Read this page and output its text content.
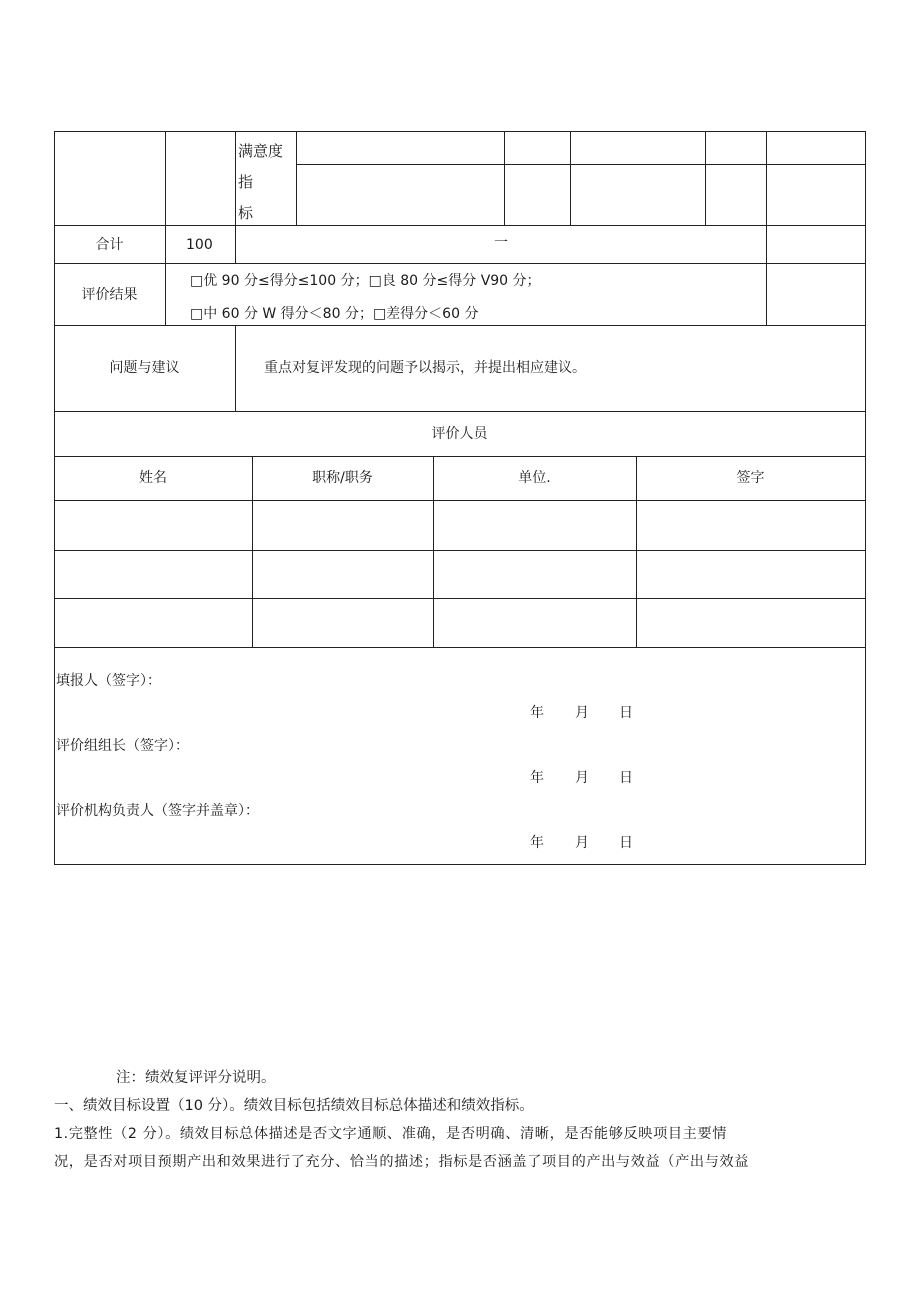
满意度
指
标
合计	100	一
评价结果
□优 90 分≤得分≤100 分；□良 80 分≤得分 V90 分；
□中 60 分 W 得分＜80 分；□差得分＜60 分
问题与建议	重点对复评发现的问题予以揭示，并提出相应建议。
评价人员
姓名	职称/职务	单位.	签字
填报人（签字）：
年 月 日
评价组组长（签字）：
年 月 日
评价机构负责人（签字并盖章）：
年 月 日
注：绩效复评评分说明。
一、绩效目标设置（10 分）。绩效目标包括绩效目标总体描述和绩效指标。
1.完整性（2 分）。绩效目标总体描述是否文字通顺、准确，是否明确、清晰，是否能够反映项目主要情
况，是否对项目预期产出和效果进行了充分、恰当的描述；指标是否涵盖了项目的产出与效益（产出与效益
